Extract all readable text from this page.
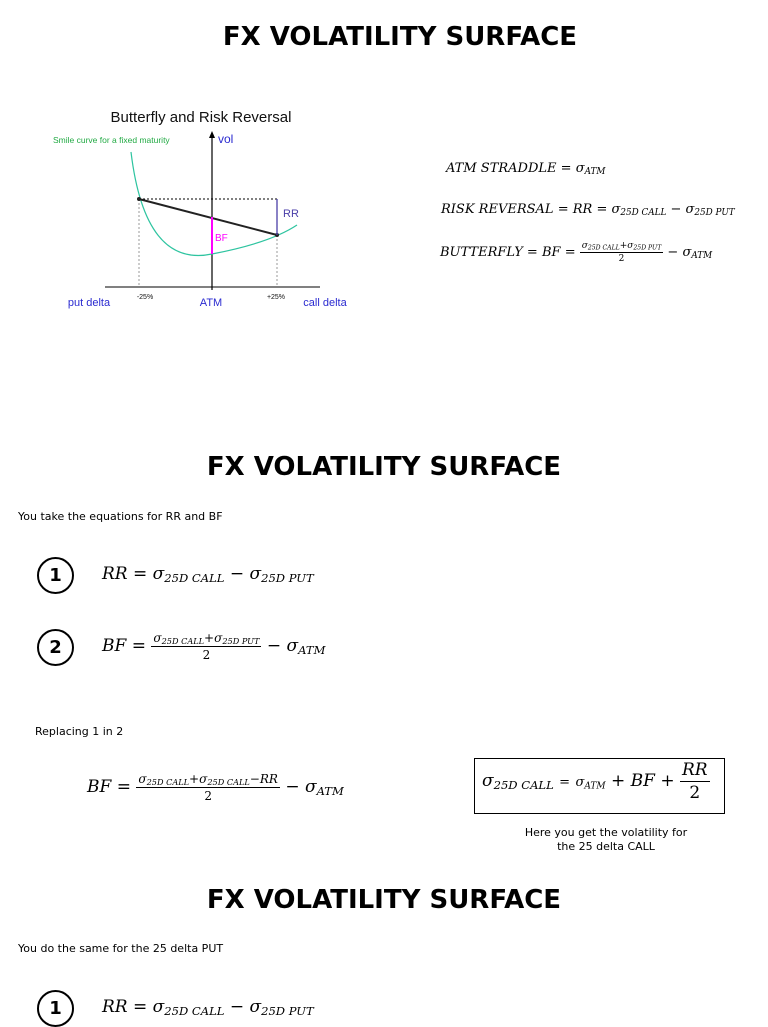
FX VOLATILITY SURFACE
Butterfly and Risk Reversal
Smile curve for a fixed maturity	vol
RR
BF
-25%	ATM	+25%
put delta	call delta
ATM STRADDLE = $\sigma_{ATM}$
RISK REVERSAL = RR = $\sigma_{25D CALL} - \sigma_{25D PUT}$
BUTTERFLY = BF = $\frac{\sigma_{25D CALL}+\sigma_{25D PUT}}{2} - \sigma_{ATM}$
FX VOLATILITY SURFACE
You take the equations for RR and BF
1	RR = $\sigma_{25D CALL} - \sigma_{25D PUT}$
2	BF = $\frac{\sigma_{25D CALL}+\sigma_{25D PUT}}{2} - \sigma_{ATM}$
Replacing 1 in 2
BF = $\frac{\sigma_{25D CALL}+\sigma_{25D CALL}-RR}{2} - \sigma_{ATM}$	$\sigma_{25D CALL} = \sigma_{ATM}$ + BF + $\frac{RR}{2}$
Here you get the volatility for
the 25 delta CALL
FX VOLATILITY SURFACE
You do the same for the 25 delta PUT
1	RR = $\sigma_{25D CALL} - \sigma_{25D PUT}$
